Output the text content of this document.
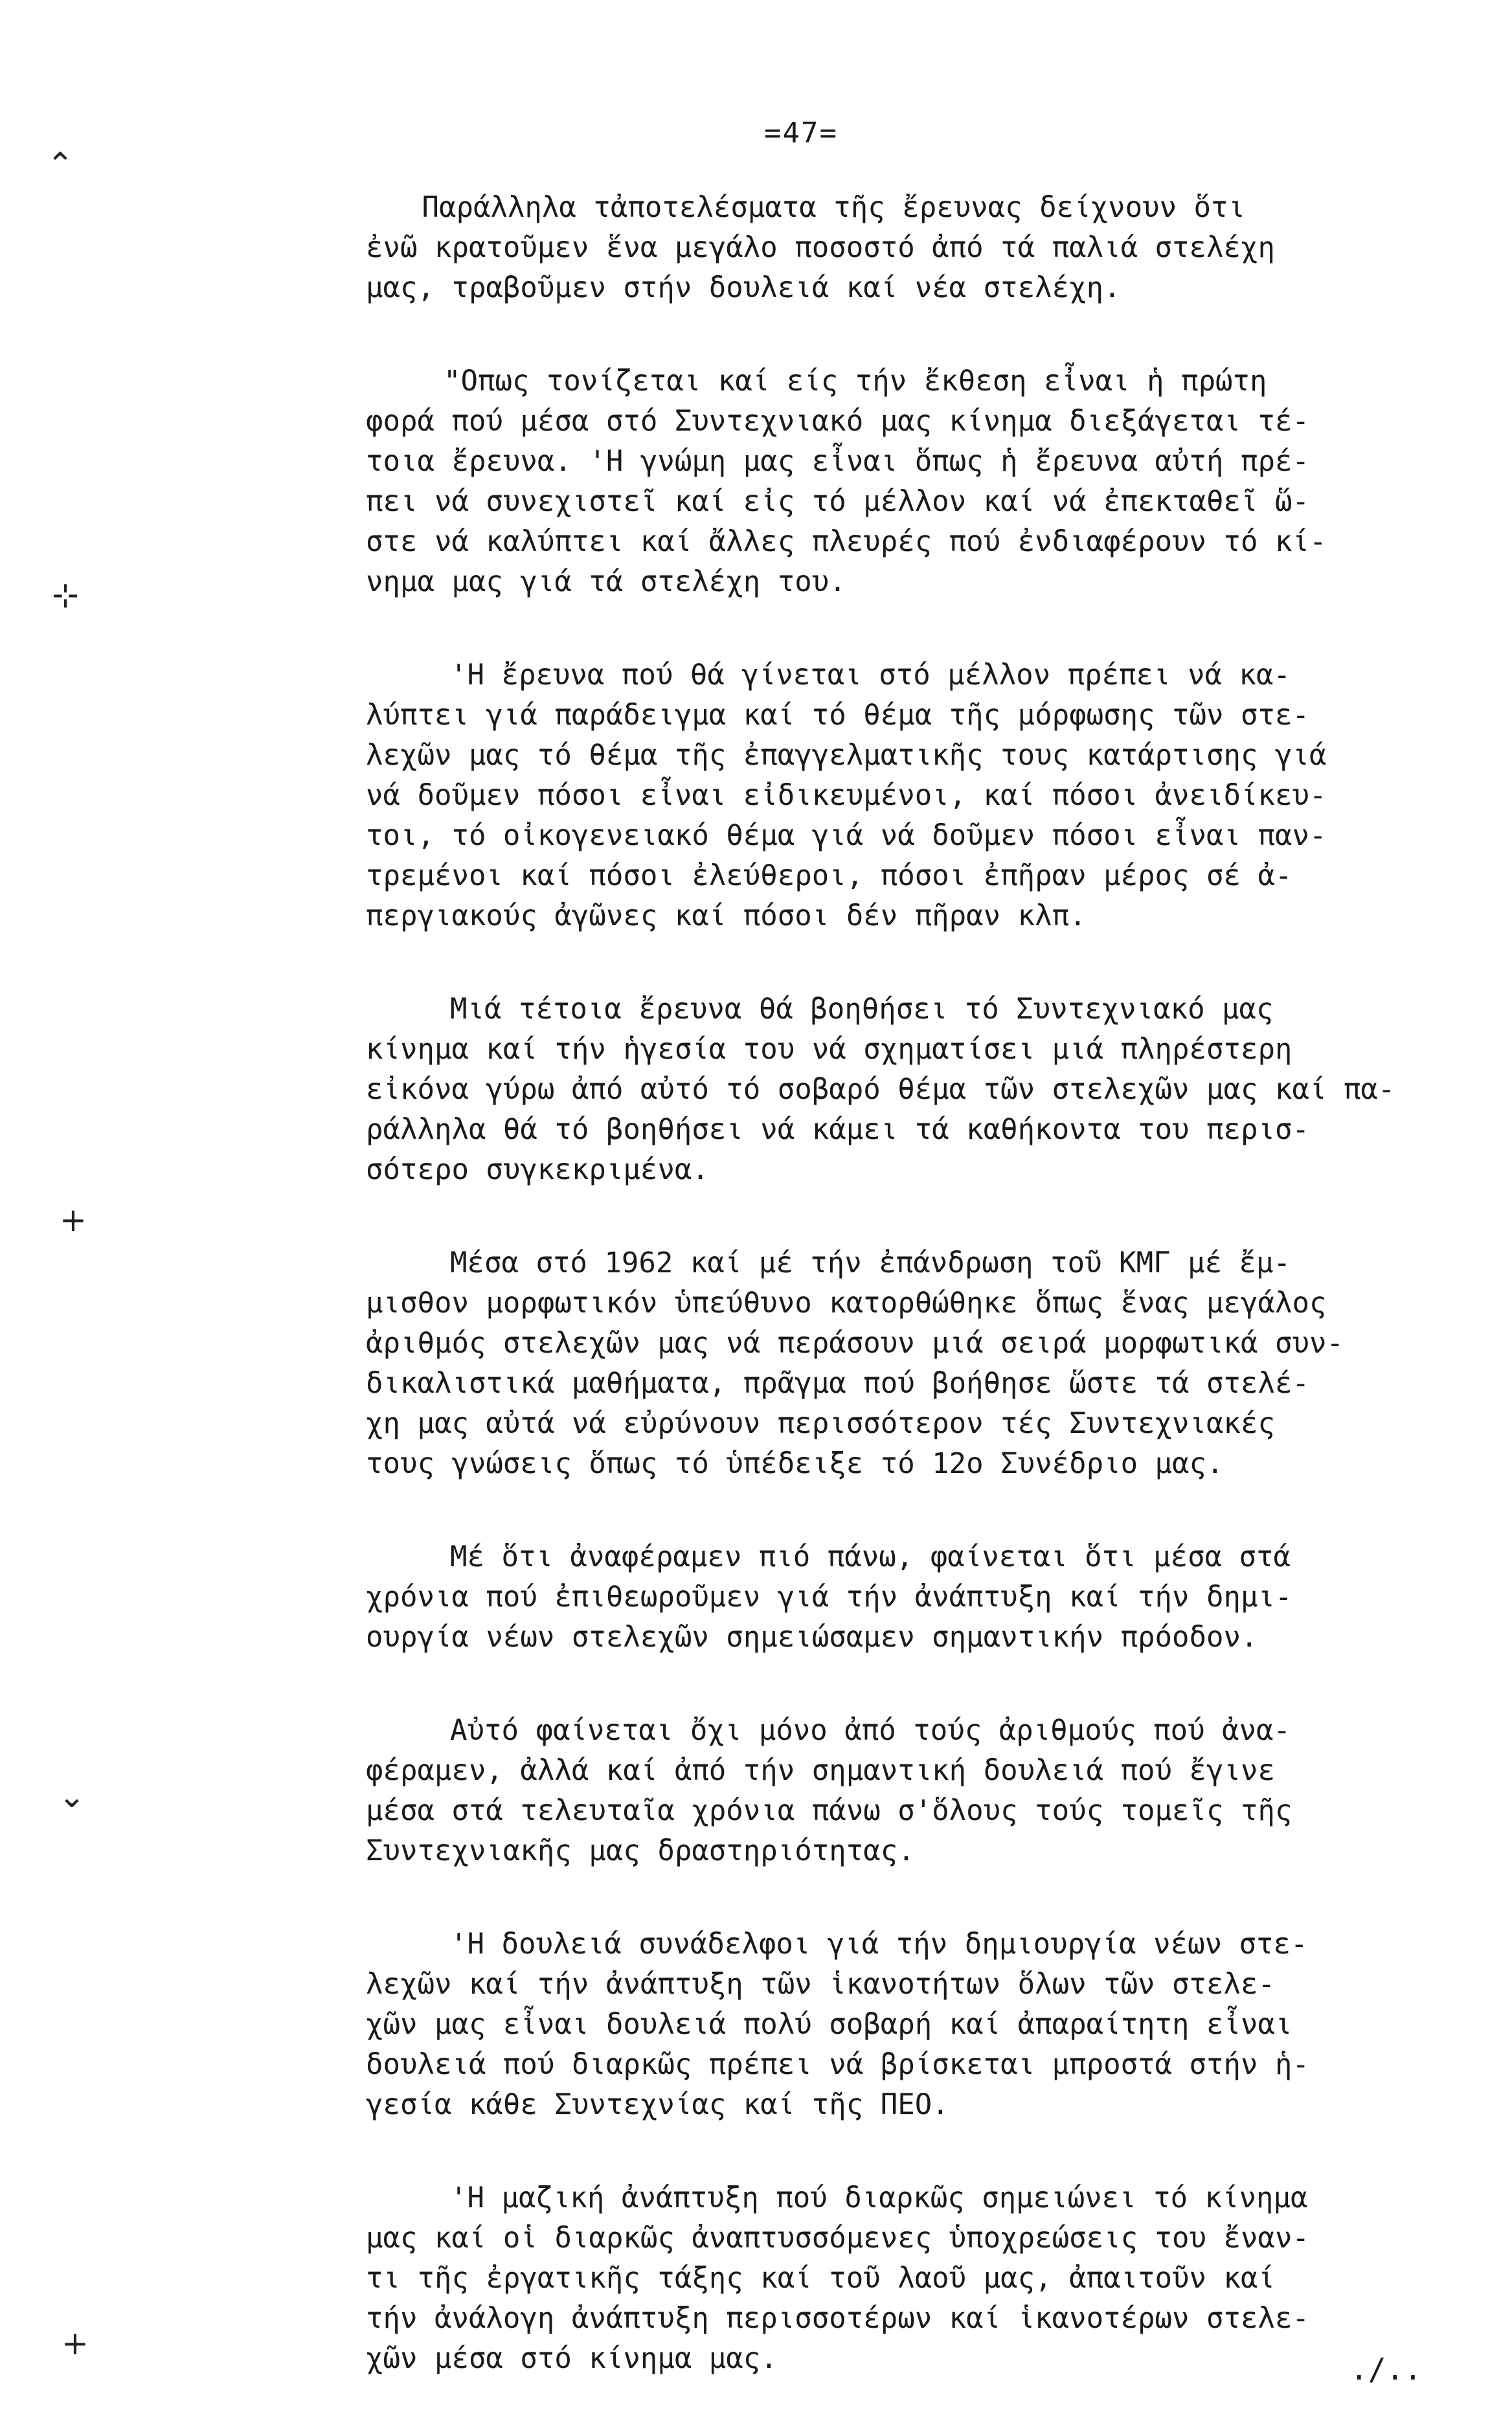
=47=
⌃
⊹
+
⌄
+
Παράλληλα τἀποτελέσματα τῆς ἔρευνας δείχνουν ὅτι
ἐνῶ κρατοῦμεν ἕνα μεγάλο ποσοστό ἀπό τά παλιά στελέχη
μας, τραβοῦμεν στήν δουλειά καί νέα στελέχη.
"Οπως τονίζεται καί είς τήν ἔκθεση εἶναι ἡ πρώτη
φορά πού μέσα στό Συντεχνιακό μας κίνημα διεξάγεται τέ-
τοια ἔρευνα. 'Η γνώμη μας εἶναι ὅπως ἡ ἔρευνα αὐτή πρέ-
πει νά συνεχιστεῖ καί εἰς τό μέλλον καί νά ἐπεκταθεῖ ὥ-
στε νά καλύπτει καί ἄλλες πλευρές πού ἐνδιαφέρουν τό κί-
νημα μας γιά τά στελέχη του.
'Η ἔρευνα πού θά γίνεται στό μέλλον πρέπει νά κα-
λύπτει γιά παράδειγμα καί τό θέμα τῆς μόρφωσης τῶν στε-
λεχῶν μας τό θέμα τῆς ἐπαγγελματικῆς τους κατάρτισης γιά
νά δοῦμεν πόσοι εἶναι εἰδικευμένοι, καί πόσοι ἀνειδίκευ-
τοι, τό οἰκογενειακό θέμα γιά νά δοῦμεν πόσοι εἶναι παν-
τρεμένοι καί πόσοι ἐλεύθεροι, πόσοι ἐπῆραν μέρος σέ ἀ-
περγιακούς ἀγῶνες καί πόσοι δέν πῆραν κλπ.
Μιά τέτοια ἔρευνα θά βοηθήσει τό Συντεχνιακό μας
κίνημα καί τήν ἡγεσία του νά σχηματίσει μιά πληρέστερη
εἰκόνα γύρω ἀπό αὐτό τό σοβαρό θέμα τῶν στελεχῶν μας καί πα-
ράλληλα θά τό βοηθήσει νά κάμει τά καθήκοντα του περισ-
σότερο συγκεκριμένα.
Μέσα στό 1962 καί μέ τήν ἐπάνδρωση τοῦ ΚΜΓ μέ ἔμ-
μισθον μορφωτικόν ὑπεύθυνο κατορθώθηκε ὅπως ἕνας μεγάλος
ἀριθμός στελεχῶν μας νά περάσουν μιά σειρά μορφωτικά συν-
δικαλιστικά μαθήματα, πρᾶγμα πού βοήθησε ὥστε τά στελέ-
χη μας αὐτά νά εὐρύνουν περισσότερον τές Συντεχνιακές
τους γνώσεις ὅπως τό ὑπέδειξε τό 12ο Συνέδριο μας.
Μέ ὅτι ἀναφέραμεν πιό πάνω, φαίνεται ὅτι μέσα στά
χρόνια πού ἐπιθεωροῦμεν γιά τήν ἀνάπτυξη καί τήν δημι-
ουργία νέων στελεχῶν σημειώσαμεν σημαντικήν πρόοδον.
Αὐτό φαίνεται ὄχι μόνο ἀπό τούς ἀριθμούς πού ἀνα-
φέραμεν, ἀλλά καί ἀπό τήν σημαντική δουλειά πού ἔγινε
μέσα στά τελευταῖα χρόνια πάνω σ'ὅλους τούς τομεῖς τῆς
Συντεχνιακῆς μας δραστηριότητας.
'Η δουλειά συνάδελφοι γιά τήν δημιουργία νέων στε-
λεχῶν καί τήν ἀνάπτυξη τῶν ἱκανοτήτων ὅλων τῶν στελε-
χῶν μας εἶναι δουλειά πολύ σοβαρή καί ἀπαραίτητη εἶναι
δουλειά πού διαρκῶς πρέπει νά βρίσκεται μπροστά στήν ἡ-
γεσία κάθε Συντεχνίας καί τῆς ΠΕΟ.
'Η μαζική ἀνάπτυξη πού διαρκῶς σημειώνει τό κίνημα
μας καί οἱ διαρκῶς ἀναπτυσσόμενες ὑποχρεώσεις του ἔναν-
τι τῆς ἐργατικῆς τάξης καί τοῦ λαοῦ μας, ἀπαιτοῦν καί
τήν ἀνάλογη ἀνάπτυξη περισσοτέρων καί ἱκανοτέρων στελε-
χῶν μέσα στό κίνημα μας.	./..
